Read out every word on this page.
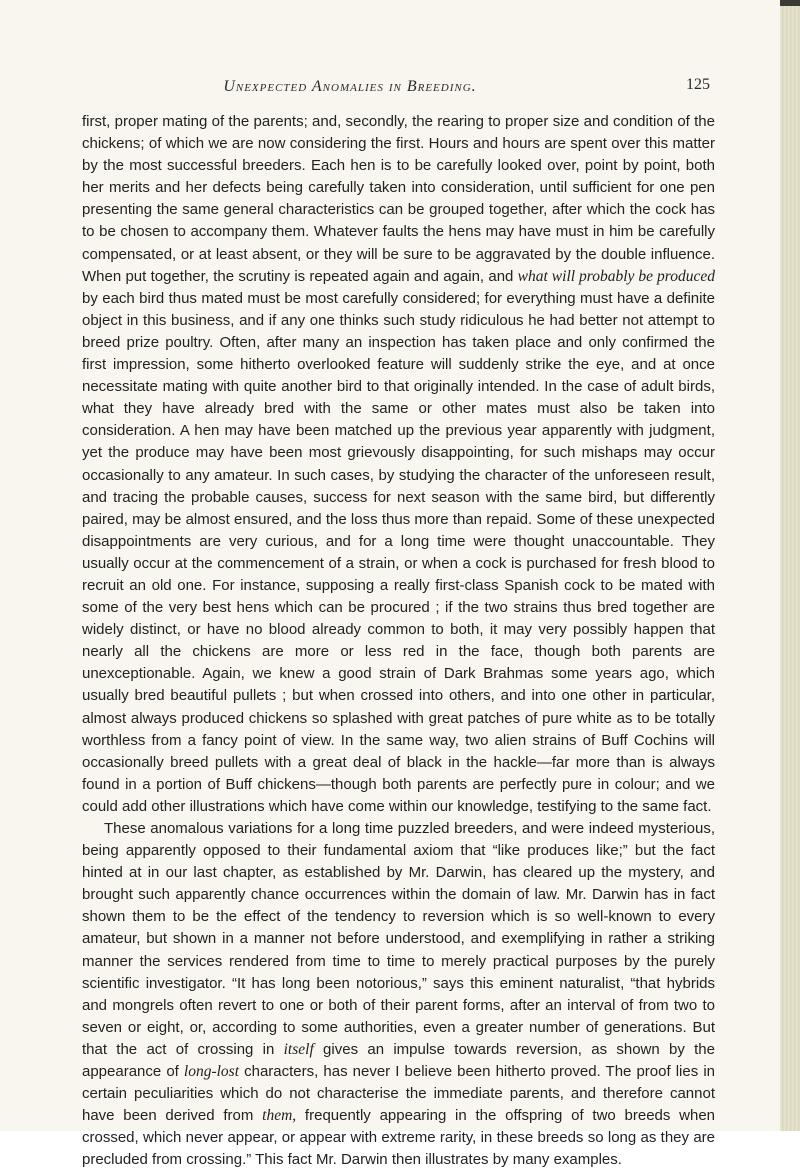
Unexpected Anomalies in Breeding.	125

first, proper mating of the parents; and, secondly, the rearing to proper size and condition of the chickens; of which we are now considering the first. Hours and hours are spent over this matter by the most successful breeders. Each hen is to be carefully looked over, point by point, both her merits and her defects being carefully taken into consideration, until sufficient for one pen presenting the same general characteristics can be grouped together, after which the cock has to be chosen to accompany them. Whatever faults the hens may have must in him be carefully compensated, or at least absent, or they will be sure to be aggravated by the double influence. When put together, the scrutiny is repeated again and again, and what will probably be produced by each bird thus mated must be most carefully considered; for everything must have a definite object in this business, and if any one thinks such study ridiculous he had better not attempt to breed prize poultry. Often, after many an inspection has taken place and only confirmed the first impression, some hitherto overlooked feature will suddenly strike the eye, and at once necessitate mating with quite another bird to that originally intended. In the case of adult birds, what they have already bred with the same or other mates must also be taken into consideration. A hen may have been matched up the previous year apparently with judgment, yet the produce may have been most grievously disappointing, for such mishaps may occur occasionally to any amateur. In such cases, by studying the character of the unforeseen result, and tracing the probable causes, success for next season with the same bird, but differently paired, may be almost ensured, and the loss thus more than repaid. Some of these unexpected disappointments are very curious, and for a long time were thought unaccountable. They usually occur at the commencement of a strain, or when a cock is purchased for fresh blood to recruit an old one. For instance, supposing a really first-class Spanish cock to be mated with some of the very best hens which can be procured ; if the two strains thus bred together are widely distinct, or have no blood already common to both, it may very possibly happen that nearly all the chickens are more or less red in the face, though both parents are unexceptionable. Again, we knew a good strain of Dark Brahmas some years ago, which usually bred beautiful pullets ; but when crossed into others, and into one other in particular, almost always produced chickens so splashed with great patches of pure white as to be totally worthless from a fancy point of view. In the same way, two alien strains of Buff Cochins will occasionally breed pullets with a great deal of black in the hackle—far more than is always found in a portion of Buff chickens—though both parents are perfectly pure in colour; and we could add other illustrations which have come within our knowledge, testifying to the same fact.

These anomalous variations for a long time puzzled breeders, and were indeed mysterious, being apparently opposed to their fundamental axiom that “like produces like;” but the fact hinted at in our last chapter, as established by Mr. Darwin, has cleared up the mystery, and brought such apparently chance occurrences within the domain of law. Mr. Darwin has in fact shown them to be the effect of the tendency to reversion which is so well-known to every amateur, but shown in a manner not before understood, and exemplifying in rather a striking manner the services rendered from time to time to merely practical purposes by the purely scientific investigator. “It has long been notorious,” says this eminent naturalist, “that hybrids and mongrels often revert to one or both of their parent forms, after an interval of from two to seven or eight, or, according to some authorities, even a greater number of generations. But that the act of crossing in itself gives an impulse towards reversion, as shown by the appearance of long-lost characters, has never I believe been hitherto proved. The proof lies in certain peculiarities which do not characterise the immediate parents, and therefore cannot have been derived from them, frequently appearing in the offspring of two breeds when crossed, which never appear, or appear with extreme rarity, in these breeds so long as they are precluded from crossing.” This fact Mr. Darwin then illustrates by many examples.
